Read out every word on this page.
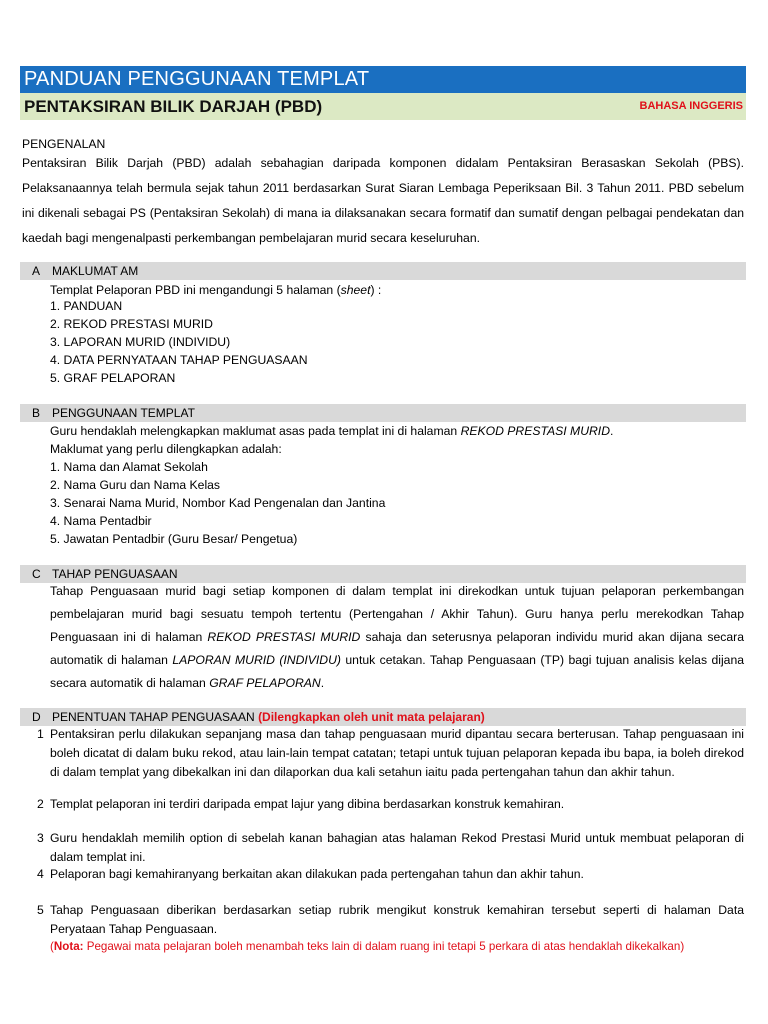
PANDUAN PENGGUNAAN TEMPLAT
PENTAKSIRAN BILIK DARJAH (PBD)	BAHASA INGGERIS
PENGENALAN
Pentaksiran Bilik Darjah (PBD) adalah sebahagian daripada komponen didalam Pentaksiran Berasaskan Sekolah (PBS). Pelaksanaannya telah bermula sejak tahun 2011 berdasarkan Surat Siaran Lembaga Peperiksaan Bil. 3 Tahun 2011. PBD sebelum ini dikenali sebagai PS (Pentaksiran Sekolah) di mana ia dilaksanakan secara formatif dan sumatif dengan pelbagai pendekatan dan kaedah bagi mengenalpasti perkembangan pembelajaran murid secara keseluruhan.
A MAKLUMAT AM
Templat Pelaporan PBD ini mengandungi 5 halaman (sheet) :
1. PANDUAN
2. REKOD PRESTASI MURID
3. LAPORAN MURID (INDIVIDU)
4. DATA PERNYATAAN TAHAP PENGUASAAN
5. GRAF PELAPORAN
B PENGGUNAAN TEMPLAT
Guru hendaklah melengkapkan maklumat asas pada templat ini di halaman REKOD PRESTASI MURID.
Maklumat yang perlu dilengkapkan adalah:
1. Nama dan Alamat Sekolah
2. Nama Guru dan Nama Kelas
3. Senarai Nama Murid, Nombor Kad Pengenalan dan Jantina
4. Nama Pentadbir
5. Jawatan Pentadbir (Guru Besar/ Pengetua)
C TAHAP PENGUASAAN
Tahap Penguasaan murid bagi setiap komponen di dalam templat ini direkodkan untuk tujuan pelaporan perkembangan pembelajaran murid bagi sesuatu tempoh tertentu (Pertengahan / Akhir Tahun). Guru hanya perlu merekodkan Tahap Penguasaan ini di halaman REKOD PRESTASI MURID sahaja dan seterusnya pelaporan individu murid akan dijana secara automatik di halaman LAPORAN MURID (INDIVIDU) untuk cetakan. Tahap Penguasaan (TP) bagi tujuan analisis kelas dijana secara automatik di halaman GRAF PELAPORAN.
D PENENTUAN TAHAP PENGUASAAN (Dilengkapkan oleh unit mata pelajaran)
1 Pentaksiran perlu dilakukan sepanjang masa dan tahap penguasaan murid dipantau secara berterusan. Tahap penguasaan ini boleh dicatat di dalam buku rekod, atau lain-lain tempat catatan; tetapi untuk tujuan pelaporan kepada ibu bapa, ia boleh direkod di dalam templat yang dibekalkan ini dan dilaporkan dua kali setahun iaitu pada pertengahan tahun dan akhir tahun.
2 Templat pelaporan ini terdiri daripada empat lajur yang dibina berdasarkan konstruk kemahiran.
3 Guru hendaklah memilih option di sebelah kanan bahagian atas halaman Rekod Prestasi Murid untuk membuat pelaporan di dalam templat ini.
4 Pelaporan bagi kemahiranyang berkaitan akan dilakukan pada pertengahan tahun dan akhir tahun.
5 Tahap Penguasaan diberikan berdasarkan setiap rubrik mengikut konstruk kemahiran tersebut seperti di halaman Data Peryataan Tahap Penguasaan.
(Nota: Pegawai mata pelajaran boleh menambah teks lain di dalam ruang ini tetapi 5 perkara di atas hendaklah dikekalkan)
